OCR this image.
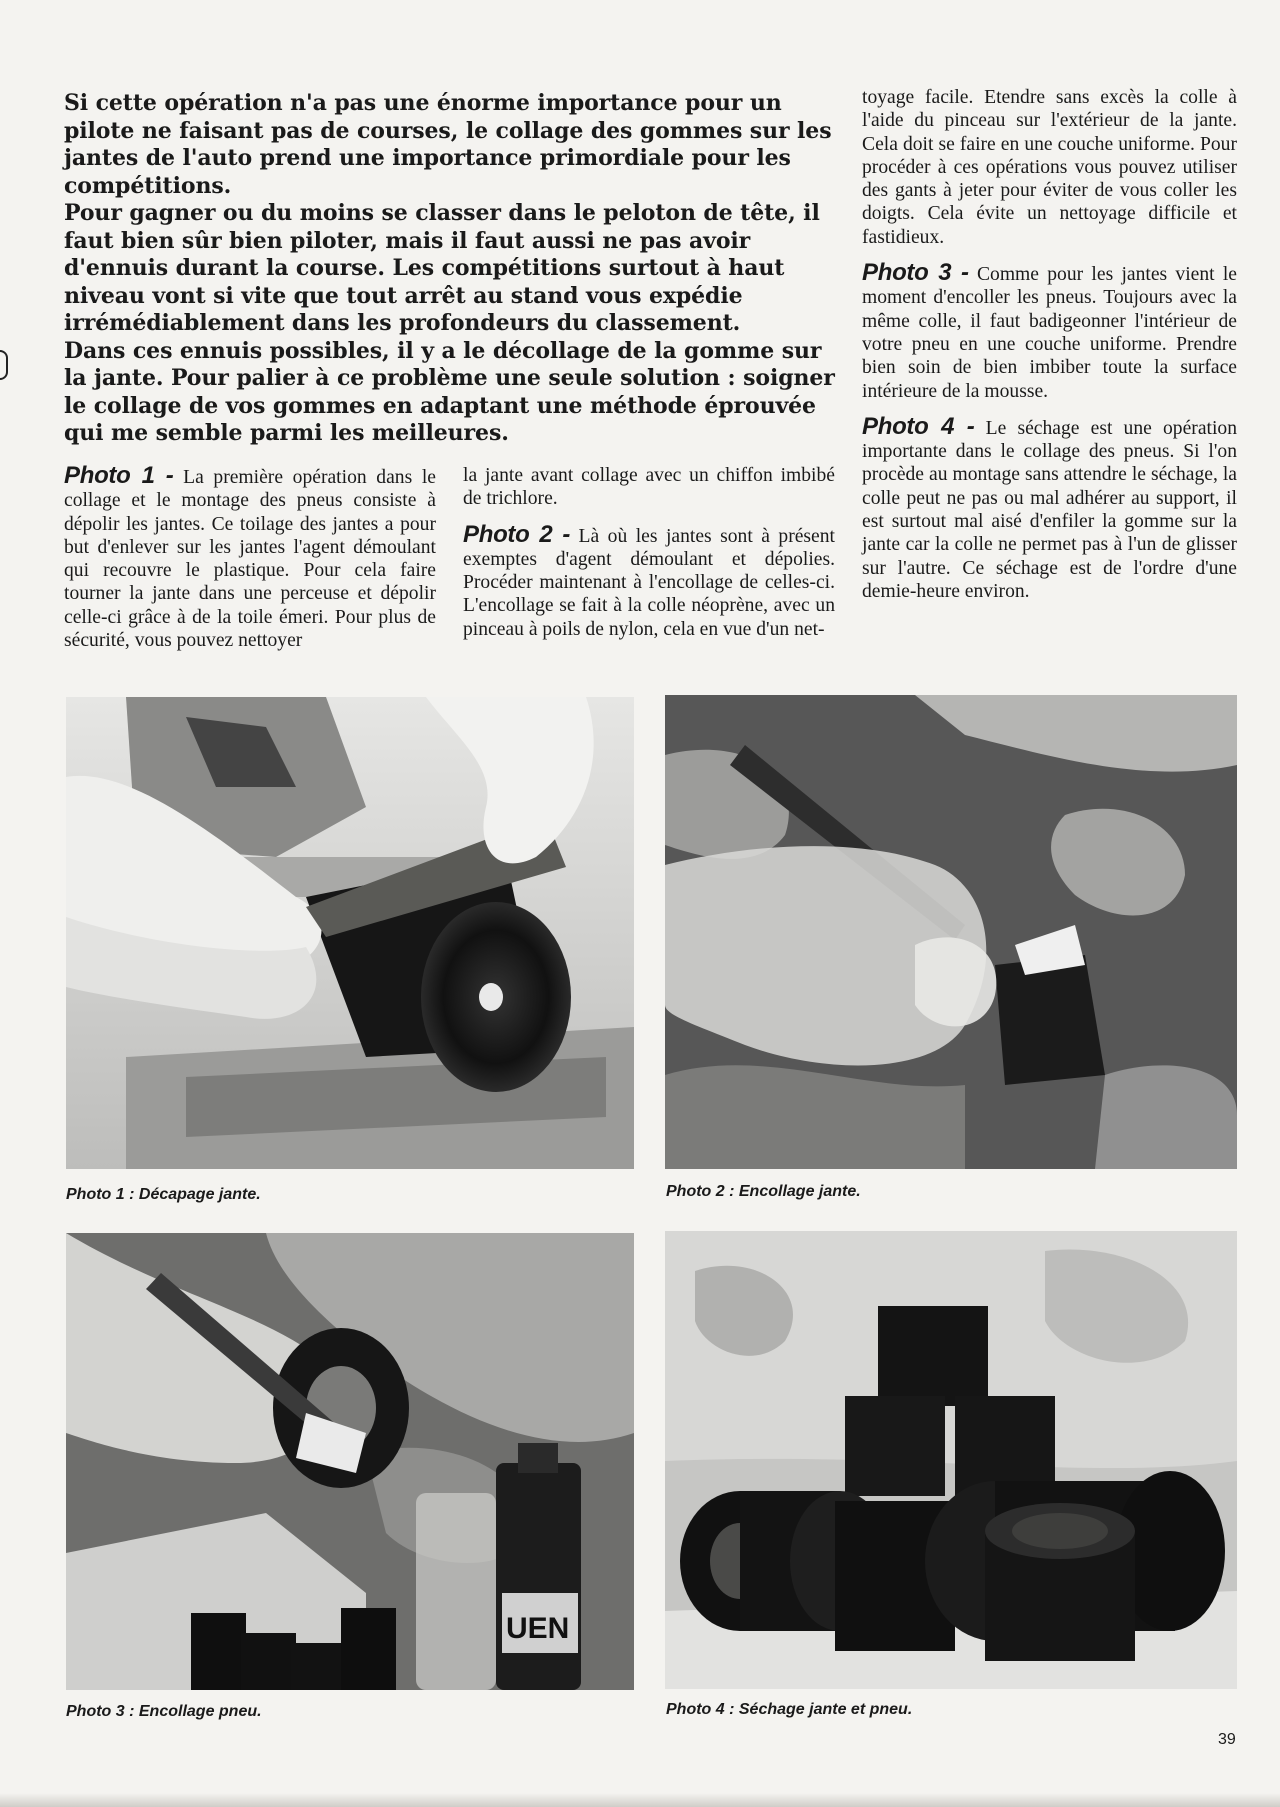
Si cette opération n'a pas une énorme importance pour un pilote ne faisant pas de courses, le collage des gommes sur les jantes de l'auto prend une importance primordiale pour les compétitions.

Pour gagner ou du moins se classer dans le peloton de tête, il faut bien sûr bien piloter, mais il faut aussi ne pas avoir d'ennuis durant la course. Les compétitions surtout à haut niveau vont si vite que tout arrêt au stand vous expédie irrémédiablement dans les profondeurs du classement.

Dans ces ennuis possibles, il y a le décollage de la gomme sur la jante. Pour palier à ce problème une seule solution : soigner le collage de vos gommes en adaptant une méthode éprouvée qui me semble parmi les meilleures.

Photo 1 - La première opération dans le collage et le montage des pneus consiste à dépolir les jantes. Ce toilage des jantes a pour but d'enlever sur les jantes l'agent démoulant qui recouvre le plastique. Pour cela faire tourner la jante dans une perceuse et dépolir celle-ci grâce à de la toile émeri. Pour plus de sécurité, vous pouvez nettoyer

la jante avant collage avec un chiffon imbibé de trichlore.

Photo 2 - Là où les jantes sont à présent exemptes d'agent démoulant et dépolies. Procéder maintenant à l'encollage de celles-ci. L'encollage se fait à la colle néoprène, avec un pinceau à poils de nylon, cela en vue d'un net-

toyage facile. Etendre sans excès la colle à l'aide du pinceau sur l'extérieur de la jante. Cela doit se faire en une couche uniforme. Pour procéder à ces opérations vous pouvez utiliser des gants à jeter pour éviter de vous coller les doigts. Cela évite un nettoyage difficile et fastidieux.

Photo 3 - Comme pour les jantes vient le moment d'encoller les pneus. Toujours avec la même colle, il faut badigeonner l'intérieur de votre pneu en une couche uniforme. Prendre bien soin de bien imbiber toute la surface intérieure de la mousse.

Photo 4 - Le séchage est une opération importante dans le collage des pneus. Si l'on procède au montage sans attendre le séchage, la colle peut ne pas ou mal adhérer au support, il est surtout mal aisé d'enfiler la gomme sur la jante car la colle ne permet pas à l'un de glisser sur l'autre. Ce séchage est de l'ordre d'une demie-heure environ.

UEN
Photo 1 : Décapage jante.	Photo 2 : Encollage jante.
Photo 3 : Encollage pneu.	Photo 4 : Séchage jante et pneu.
39
